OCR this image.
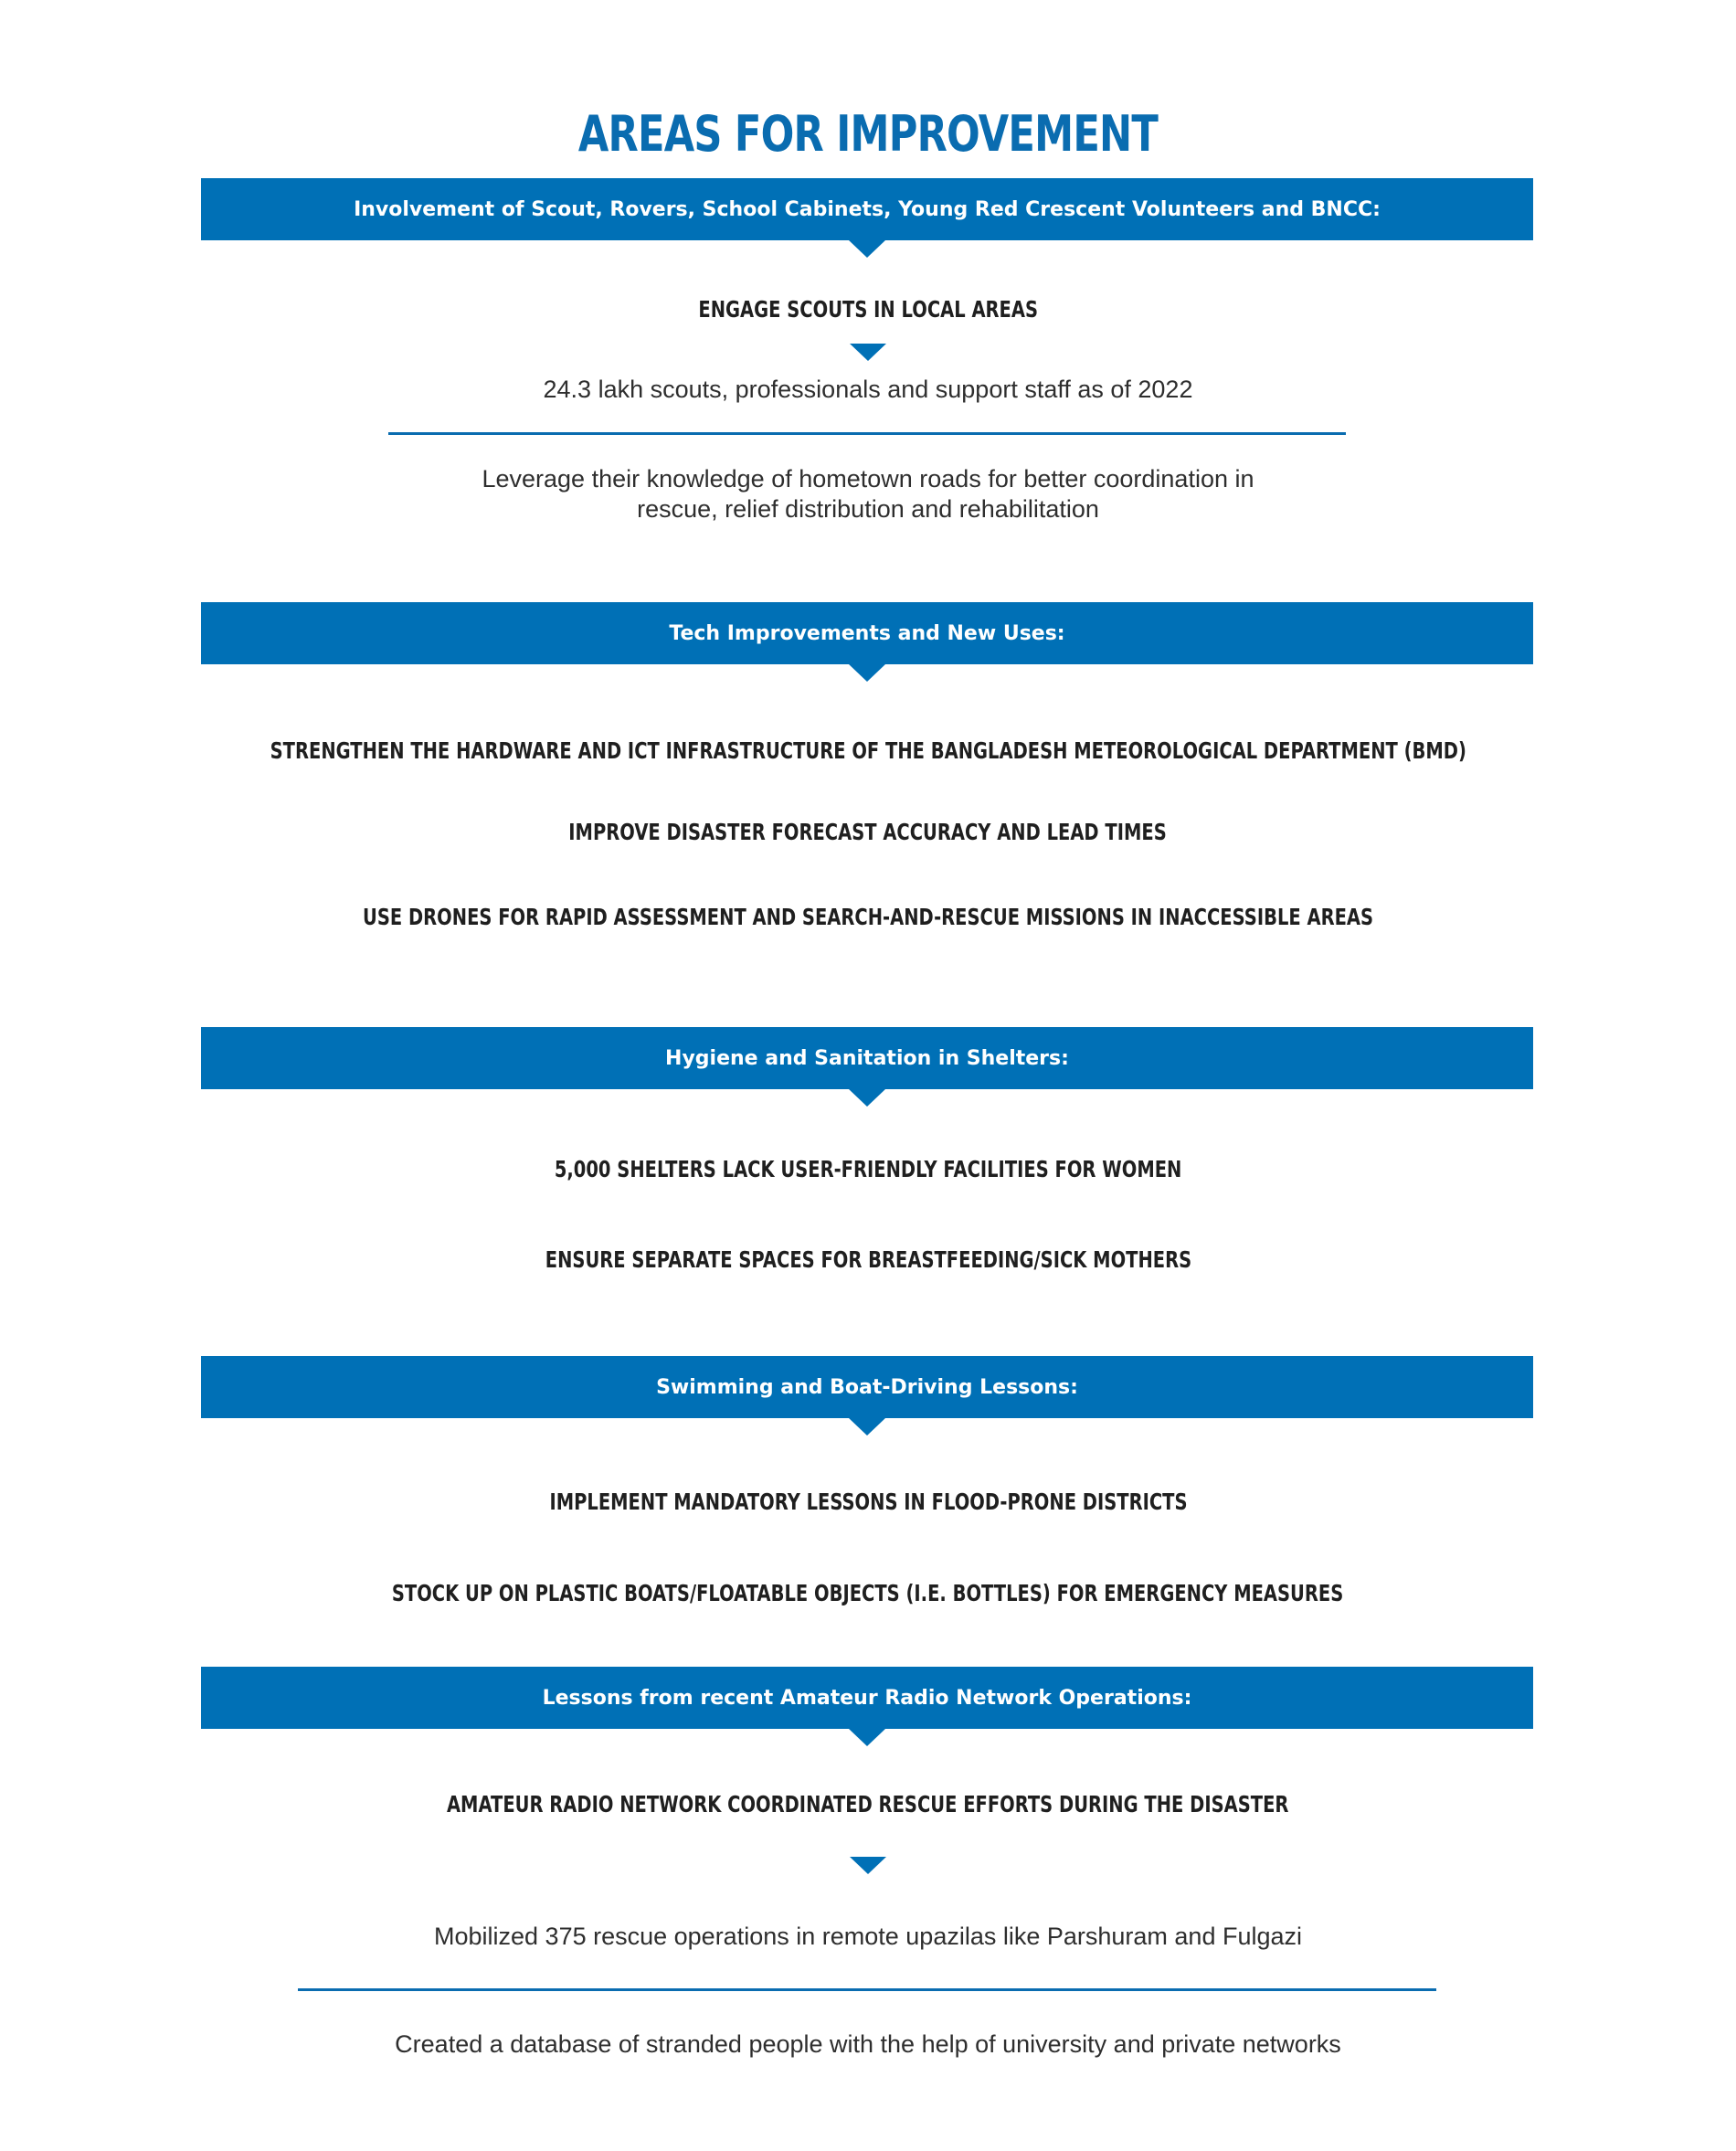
AREAS FOR IMPROVEMENT
Involvement of Scout, Rovers, School Cabinets, Young Red Crescent Volunteers and BNCC:
ENGAGE SCOUTS IN LOCAL AREAS
24.3 lakh scouts, professionals and support staff as of 2022
Leverage their knowledge of hometown roads for better coordination in
rescue, relief distribution and rehabilitation
Tech Improvements and New Uses:
STRENGTHEN THE HARDWARE AND ICT INFRASTRUCTURE OF THE BANGLADESH METEOROLOGICAL DEPARTMENT (BMD)
IMPROVE DISASTER FORECAST ACCURACY AND LEAD TIMES
USE DRONES FOR RAPID ASSESSMENT AND SEARCH-AND-RESCUE MISSIONS IN INACCESSIBLE AREAS
Hygiene and Sanitation in Shelters:
5,000 SHELTERS LACK USER-FRIENDLY FACILITIES FOR WOMEN
ENSURE SEPARATE SPACES FOR BREASTFEEDING/SICK MOTHERS
Swimming and Boat-Driving Lessons:
IMPLEMENT MANDATORY LESSONS IN FLOOD-PRONE DISTRICTS
STOCK UP ON PLASTIC BOATS/FLOATABLE OBJECTS (I.E. BOTTLES) FOR EMERGENCY MEASURES
Lessons from recent Amateur Radio Network Operations:
AMATEUR RADIO NETWORK COORDINATED RESCUE EFFORTS DURING THE DISASTER
Mobilized 375 rescue operations in remote upazilas like Parshuram and Fulgazi
Created a database of stranded people with the help of university and private networks
